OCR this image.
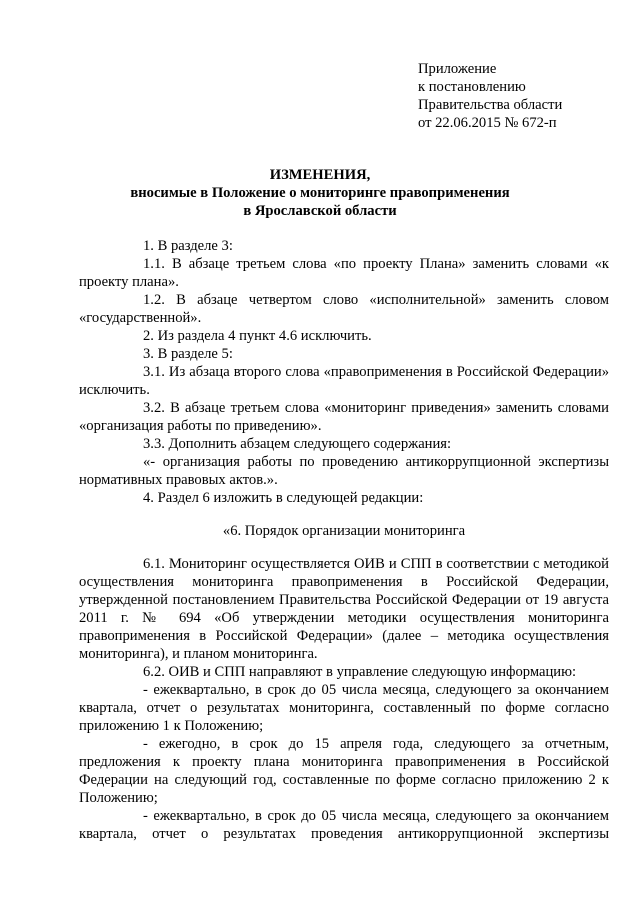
Приложение
к постановлению
Правительства области
от 22.06.2015 № 672-п
ИЗМЕНЕНИЯ,
вносимые в Положение о мониторинге правоприменения
в Ярославской области

1. В разделе 3:

1.1. В абзаце третьем слова «по проекту Плана» заменить словами «к проекту плана».

1.2. В абзаце четвертом слово «исполнительной» заменить словом «государственной».

2. Из раздела 4 пункт 4.6 исключить.

3. В разделе 5:

3.1. Из абзаца второго слова «правоприменения в Российской Федерации» исключить.

3.2. В абзаце третьем слова «мониторинг приведения» заменить словами «организация работы по приведению».

3.3. Дополнить абзацем следующего содержания:

«- организация работы по проведению антикоррупционной экспертизы нормативных правовых актов.».

4. Раздел 6 изложить в следующей редакции:

«6. Порядок организации мониторинга

6.1. Мониторинг осуществляется ОИВ и СПП в соответствии с методикой осуществления мониторинга правоприменения в Российской Федерации, утвержденной постановлением Правительства Российской Федерации от 19 августа 2011 г. № 694 «Об утверждении методики осуществления мониторинга правоприменения в Российской Федерации» (далее – методика осуществления мониторинга), и планом мониторинга.

6.2. ОИВ и СПП направляют в управление следующую информацию:

- ежеквартально, в срок до 05 числа месяца, следующего за окончанием квартала, отчет о результатах мониторинга, составленный по форме согласно приложению 1 к Положению;

- ежегодно, в срок до 15 апреля года, следующего за отчетным, предложения к проекту плана мониторинга правоприменения в Российской Федерации на следующий год, составленные по форме согласно приложению 2 к Положению;

- ежеквартально, в срок до 05 числа месяца, следующего за окончанием квартала, отчет о результатах проведения антикоррупционной экспертизы
